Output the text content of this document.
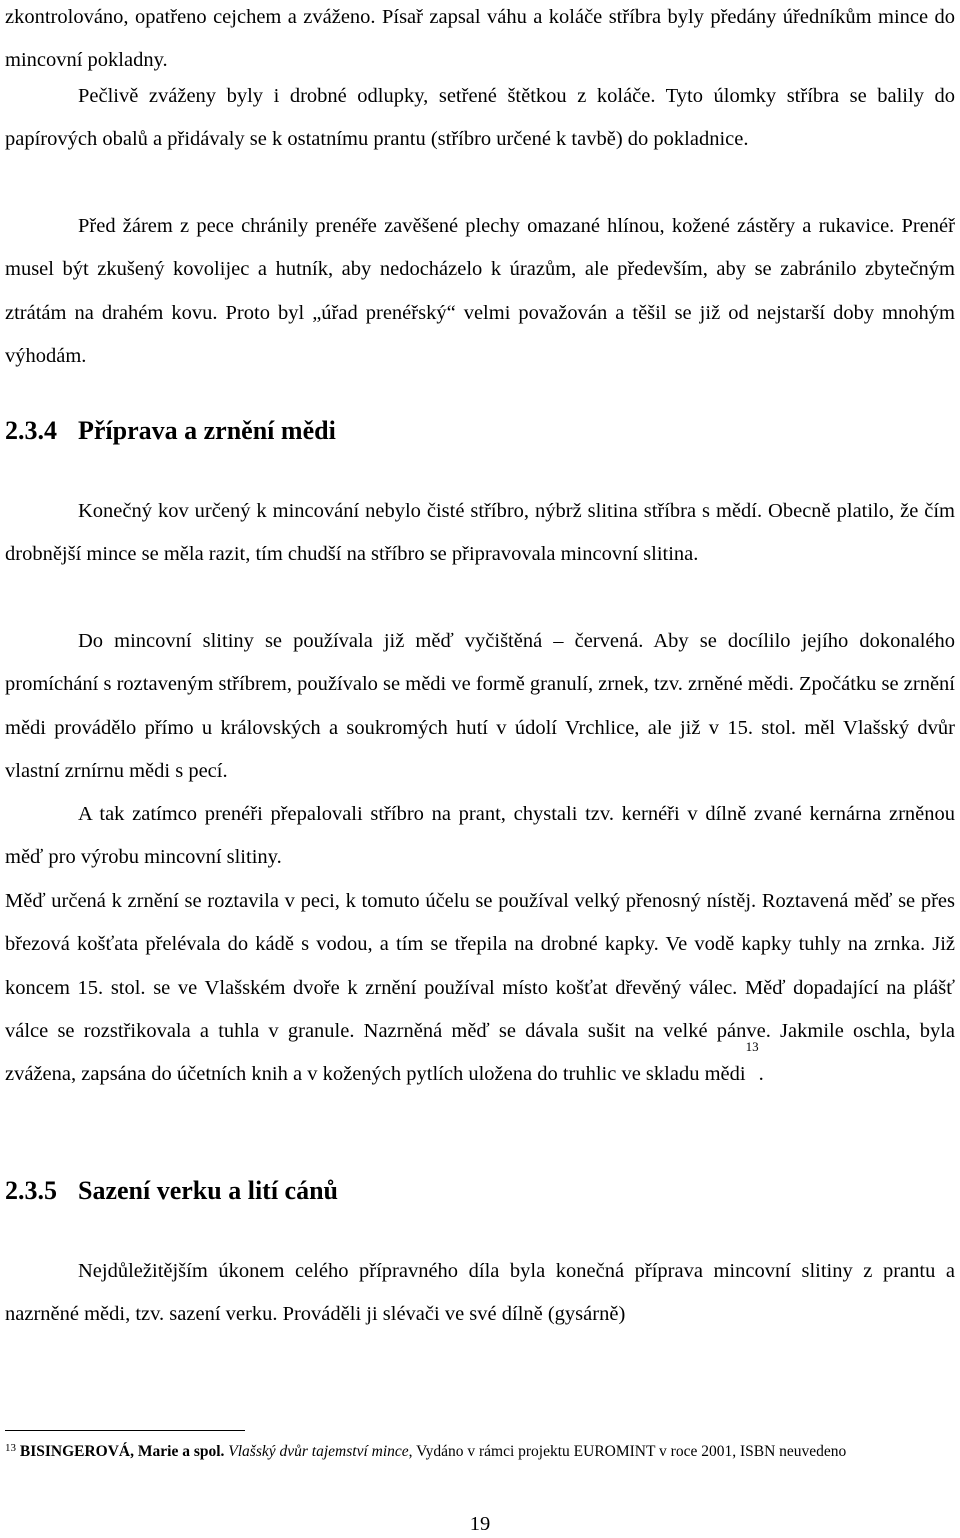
zkontrolováno, opatřeno cejchem a zváženo. Písař zapsal váhu a koláče stříbra byly předány úředníkům mince do mincovní pokladny.

Pečlivě zváženy byly i drobné odlupky, setřené štětkou z koláče. Tyto úlomky stříbra se balily do papírových obalů a přidávaly se k ostatnímu prantu (stříbro určené k tavbě) do pokladnice.

Před žárem z pece chránily prenéře zavěšené plechy omazané hlínou, kožené zástěry a rukavice. Prenéř musel být zkušený kovolijec a hutník, aby nedocházelo k úrazům, ale především, aby se zabránilo zbytečným ztrátám na drahém kovu. Proto byl „úřad prenéřský“ velmi považován a těšil se již od nejstarší doby mnohým výhodám.

2.3.4 Příprava a zrnění mědi

Konečný kov určený k mincování nebylo čisté stříbro, nýbrž slitina stříbra s mědí. Obecně platilo, že čím drobnější mince se měla razit, tím chudší na stříbro se připravovala mincovní slitina.

Do mincovní slitiny se používala již měď vyčištěná – červená. Aby se docílilo jejího dokonalého promíchání s roztaveným stříbrem, používalo se mědi ve formě granulí, zrnek, tzv. zrněné mědi. Zpočátku se zrnění mědi provádělo přímo u královských a soukromých hutí v údolí Vrchlice, ale již v 15. stol. měl Vlašský dvůr vlastní zrnírnu mědi s pecí.

A tak zatímco prenéři přepalovali stříbro na prant, chystali tzv. kernéři v dílně zvané kernárna zrněnou měď pro výrobu mincovní slitiny.

Měď určená k zrnění se roztavila v peci, k tomuto účelu se používal velký přenosný nístěj. Roztavená měď se přes březová košťata přelévala do kádě s vodou, a tím se třepila na drobné kapky. Ve vodě kapky tuhly na zrnka. Již koncem 15. stol. se ve Vlašském dvoře k zrnění používal místo košťat dřevěný válec. Měď dopadající na plášť válce se rozstřikovala a tuhla v granule. Nazrněná měď se dávala sušit na velké pánve. Jakmile oschla, byla zvážena, zapsána do účetních knih a v kožených pytlích uložena do truhlic ve skladu mědi$^{13}$.

2.3.5 Sazení verku a lití cánů

Nejdůležitějším úkonem celého přípravného díla byla konečná příprava mincovní slitiny z prantu a nazrněné mědi, tzv. sazení verku. Prováděli ji slévači ve své dílně (gysárně)

$^{13}$ BISINGEROVÁ, Marie a spol. Vlašský dvůr tajemství mince, Vydáno v rámci projektu EUROMINT v roce 2001, ISBN neuvedeno
19
